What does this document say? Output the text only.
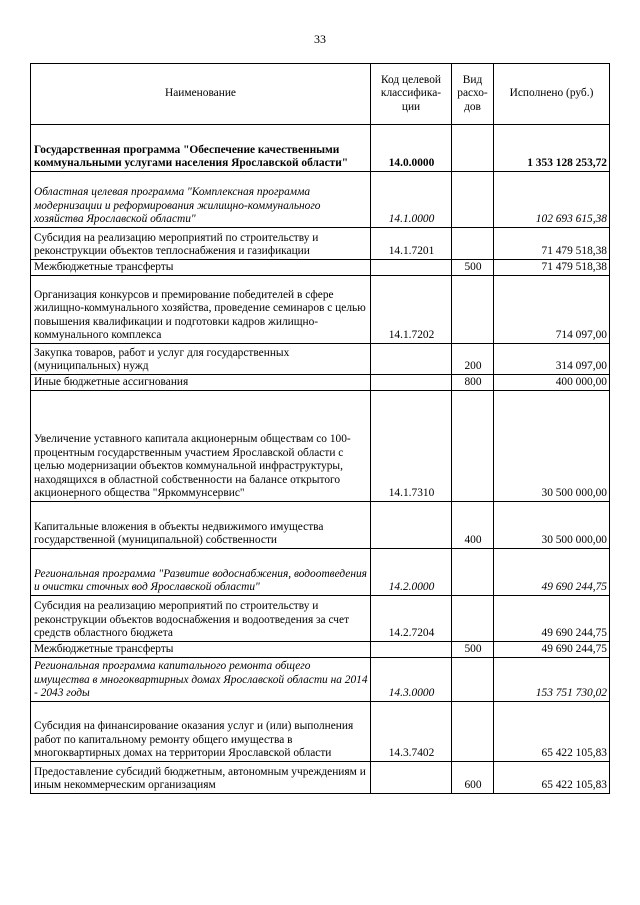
33
Наименование	Код целевой классифика-ции	Вид расхо-дов	Исполнено (руб.)
Государственная программа "Обеспечение качественными коммунальными услугами населения Ярославской области"	14.0.0000		1 353 128 253,72
Областная целевая программа "Комплексная программа модернизации и реформирования жилищно-коммунального хозяйства Ярославской области"	14.1.0000		102 693 615,38
Субсидия на реализацию мероприятий по строительству и реконструкции объектов теплоснабжения и газификации	14.1.7201		71 479 518,38
Межбюджетные трансферты		500	71 479 518,38
Организация конкурсов и премирование победителей в сфере жилищно-коммунального хозяйства, проведение семинаров с целью повышения квалификации и подготовки кадров жилищно-коммунального комплекса	14.1.7202		714 097,00
Закупка товаров, работ и услуг для государственных (муниципальных) нужд		200	314 097,00
Иные бюджетные ассигнования		800	400 000,00
Увеличение уставного капитала акционерным обществам со 100-процентным государственным участием Ярославской области с целью модернизации объектов коммунальной инфраструктуры, находящихся в областной собственности на балансе открытого акционерного общества "Яркоммунсервис"	14.1.7310		30 500 000,00
Капитальные вложения в объекты недвижимого имущества государственной (муниципальной) собственности		400	30 500 000,00
Региональная программа "Развитие водоснабжения, водоотведения и очистки сточных вод Ярославской области"	14.2.0000		49 690 244,75
Субсидия на реализацию мероприятий по строительству и реконструкции объектов водоснабжения и водоотведения за счет средств областного бюджета	14.2.7204		49 690 244,75
Межбюджетные трансферты		500	49 690 244,75
Региональная программа капитального ремонта общего имущества в многоквартирных домах Ярославской области на 2014 - 2043 годы	14.3.0000		153 751 730,02
Субсидия на финансирование оказания услуг и (или) выполнения работ по капитальному ремонту общего имущества в многоквартирных домах на территории Ярославской области	14.3.7402		65 422 105,83
Предоставление субсидий бюджетным, автономным учреждениям и иным некоммерческим организациям		600	65 422 105,83
